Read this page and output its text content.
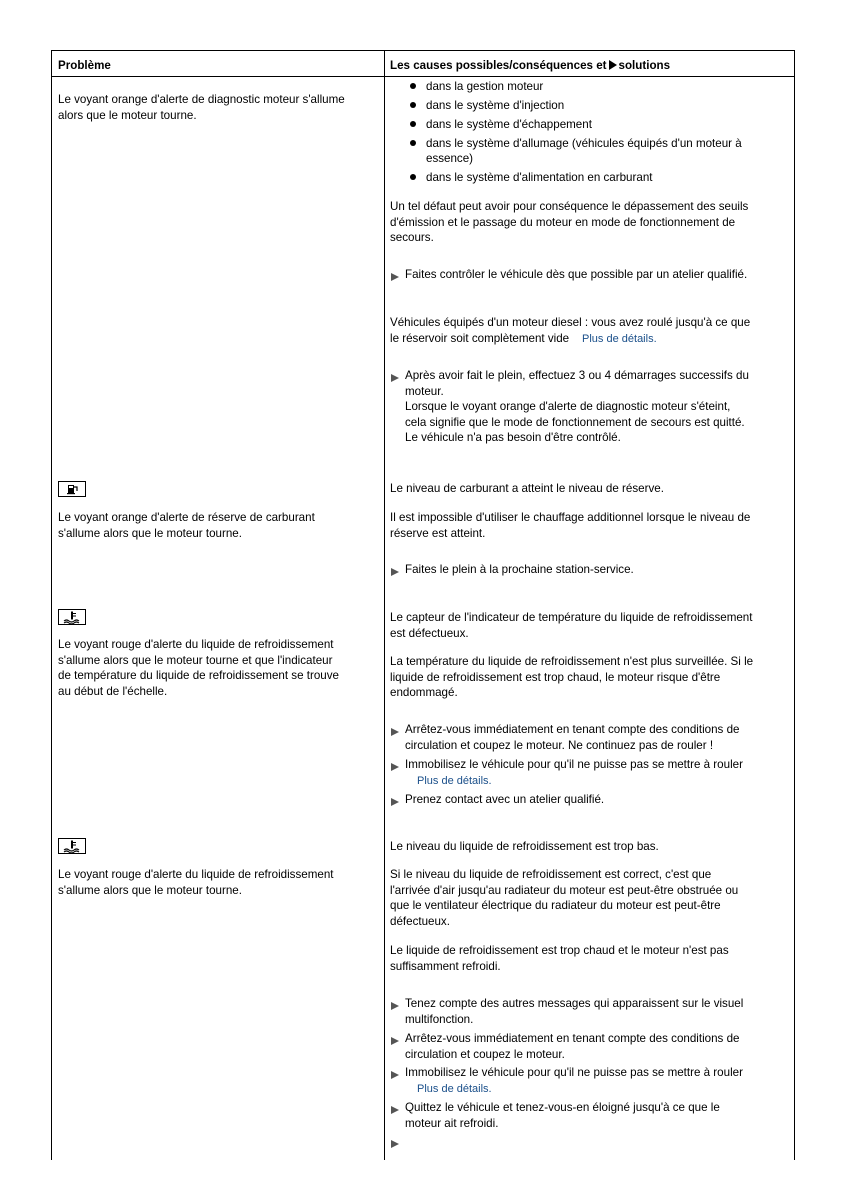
Problème	Les causes possibles/conséquences et solutions
Le voyant orange d'alerte de diagnostic moteur s'allume
alors que le moteur tourne.
dans la gestion moteur
dans le système d'injection
dans le système d'échappement
dans le système d'allumage (véhicules équipés d'un moteur à
essence)
dans le système d'alimentation en carburant
Un tel défaut peut avoir pour conséquence le dépassement des seuils
d'émission et le passage du moteur en mode de fonctionnement de
secours.
Faites contrôler le véhicule dès que possible par un atelier qualifié.
Véhicules équipés d'un moteur diesel : vous avez roulé jusqu'à ce que
le réservoir soit complètement vide Plus de détails.
Après avoir fait le plein, effectuez 3 ou 4 démarrages successifs du
moteur.
Lorsque le voyant orange d'alerte de diagnostic moteur s'éteint,
cela signifie que le mode de fonctionnement de secours est quitté.
Le véhicule n'a pas besoin d'être contrôlé.
Le niveau de carburant a atteint le niveau de réserve.
Le voyant orange d'alerte de réserve de carburant
s'allume alors que le moteur tourne.
Il est impossible d'utiliser le chauffage additionnel lorsque le niveau de
réserve est atteint.
Faites le plein à la prochaine station-service.
Le capteur de l'indicateur de température du liquide de refroidissement
est défectueux.
Le voyant rouge d'alerte du liquide de refroidissement
s'allume alors que le moteur tourne et que l'indicateur
de température du liquide de refroidissement se trouve
au début de l'échelle.
La température du liquide de refroidissement n'est plus surveillée. Si le
liquide de refroidissement est trop chaud, le moteur risque d'être
endommagé.
Arrêtez-vous immédiatement en tenant compte des conditions de
circulation et coupez le moteur. Ne continuez pas de rouler !
Immobilisez le véhicule pour qu'il ne puisse pas se mettre à rouler
Plus de détails.
Prenez contact avec un atelier qualifié.
Le niveau du liquide de refroidissement est trop bas.
Le voyant rouge d'alerte du liquide de refroidissement
s'allume alors que le moteur tourne.
Si le niveau du liquide de refroidissement est correct, c'est que
l'arrivée d'air jusqu'au radiateur du moteur est peut-être obstruée ou
que le ventilateur électrique du radiateur du moteur est peut-être
défectueux.
Le liquide de refroidissement est trop chaud et le moteur n'est pas
suffisamment refroidi.
Tenez compte des autres messages qui apparaissent sur le visuel
multifonction.
Arrêtez-vous immédiatement en tenant compte des conditions de
circulation et coupez le moteur.
Immobilisez le véhicule pour qu'il ne puisse pas se mettre à rouler
Plus de détails.
Quittez le véhicule et tenez-vous-en éloigné jusqu'à ce que le
moteur ait refroidi.
